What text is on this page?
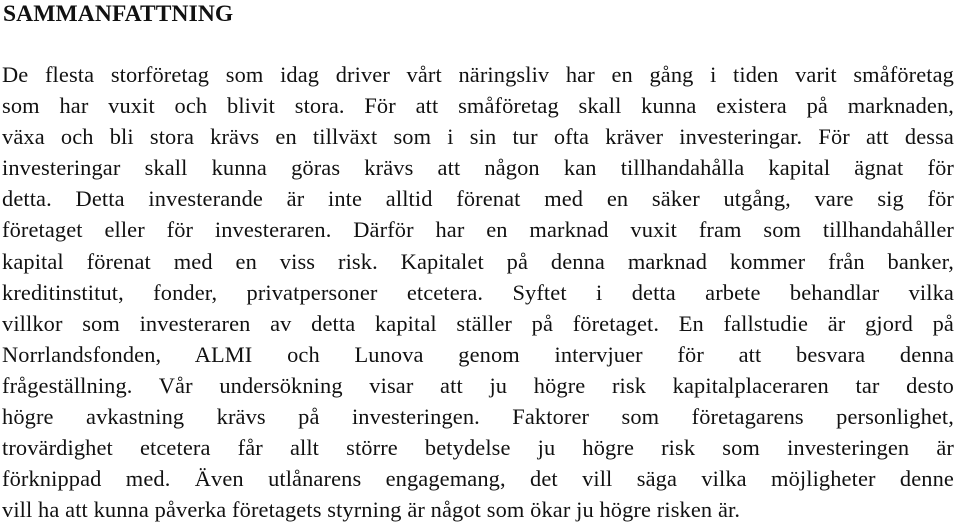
SAMMANFATTNING
De flesta storföretag som idag driver vårt näringsliv har en gång i tiden varit småföretag
som har vuxit och blivit stora. För att småföretag skall kunna existera på marknaden,
växa och bli stora krävs en tillväxt som i sin tur ofta kräver investeringar. För att dessa
investeringar skall kunna göras krävs att någon kan tillhandahålla kapital ägnat för
detta. Detta investerande är inte alltid förenat med en säker utgång, vare sig för
företaget eller för investeraren. Därför har en marknad vuxit fram som tillhandahåller
kapital förenat med en viss risk. Kapitalet på denna marknad kommer från banker,
kreditinstitut, fonder, privatpersoner etcetera. Syftet i detta arbete behandlar vilka
villkor som investeraren av detta kapital ställer på företaget. En fallstudie är gjord på
Norrlandsfonden, ALMI och Lunova genom intervjuer för att besvara denna
frågeställning. Vår undersökning visar att ju högre risk kapitalplaceraren tar desto
högre avkastning krävs på investeringen. Faktorer som företagarens personlighet,
trovärdighet etcetera får allt större betydelse ju högre risk som investeringen är
förknippad med. Även utlånarens engagemang, det vill säga vilka möjligheter denne
vill ha att kunna påverka företagets styrning är något som ökar ju högre risken är.
